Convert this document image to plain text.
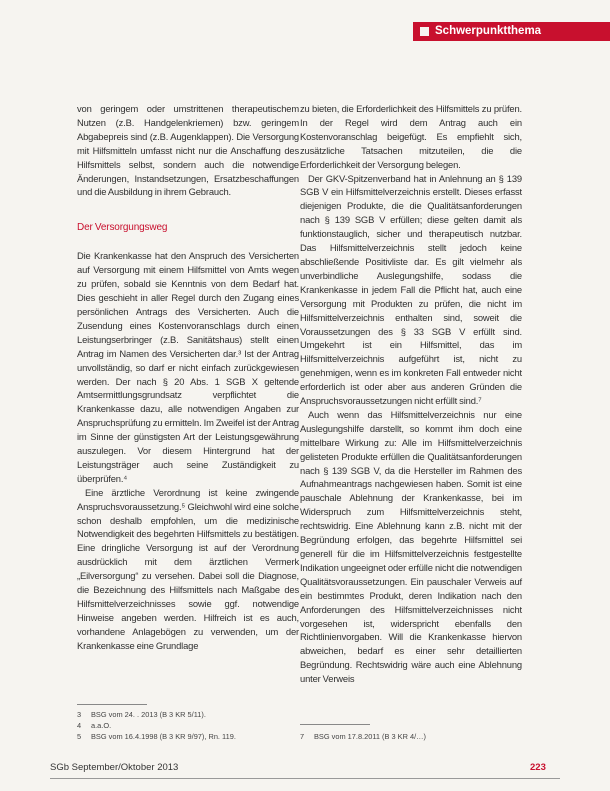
Schwerpunktthema

von geringem oder umstrittenen therapeutischem Nutzen (z.B. Handgelenkriemen) bzw. geringem Abgabepreis sind (z.B. Augenklappen). Die Versorgung mit Hilfsmitteln umfasst nicht nur die Anschaffung des Hilfsmittels selbst, sondern auch die notwendige Änderungen, Instandsetzungen, Ersatzbeschaffungen und die Ausbildung in ihrem Gebrauch.

Der Versorgungsweg

Die Krankenkasse hat den Anspruch des Versicherten auf Versorgung mit einem Hilfsmittel von Amts wegen zu prüfen, sobald sie Kenntnis von dem Bedarf hat. Dies geschieht in aller Regel durch den Zugang eines persönlichen Antrags des Versicherten. Auch die Zusendung eines Kostenvoranschlags durch einen Leistungserbringer (z.B. Sanitätshaus) stellt einen Antrag im Namen des Versicherten dar.³ Ist der Antrag unvollständig, so darf er nicht einfach zurückgewiesen werden. Der nach § 20 Abs. 1 SGB X geltende Amtsermittlungsgrundsatz verpflichtet die Krankenkasse dazu, alle notwendigen Angaben zur Anspruchsprüfung zu ermitteln. Im Zweifel ist der Antrag im Sinne der günstigsten Art der Leistungsgewährung auszulegen. Vor diesem Hintergrund hat der Leistungsträger auch seine Zuständigkeit zu überprüfen.⁴

Eine ärztliche Verordnung ist keine zwingende Anspruchsvoraussetzung.⁵ Gleichwohl wird eine solche schon deshalb empfohlen, um die medizinische Notwendigkeit des begehrten Hilfsmittels zu bestätigen. Eine dringliche Versorgung ist auf der Verordnung ausdrücklich mit dem ärztlichen Vermerk „Eilversorgung“ zu versehen. Dabei soll die Diagnose, die Bezeichnung des Hilfsmittels nach Maßgabe des Hilfsmittelverzeichnisses sowie ggf. notwendige Hinweise angeben werden. Hilfreich ist es auch, vorhandene Anlagebögen zu verwenden, um der Krankenkasse eine Grundlage

zu bieten, die Erforderlichkeit des Hilfsmittels zu prüfen. In der Regel wird dem Antrag auch ein Kostenvoranschlag beigefügt. Es empfiehlt sich, zusätzliche Tatsachen mitzuteilen, die die Erforderlichkeit der Versorgung belegen.

Der GKV-Spitzenverband hat in Anlehnung an § 139 SGB V ein Hilfsmittelverzeichnis erstellt. Dieses erfasst diejenigen Produkte, die die Qualitätsanforderungen nach § 139 SGB V erfüllen; diese gelten damit als funktionstauglich, sicher und therapeutisch nutzbar. Das Hilfsmittelverzeichnis stellt jedoch keine abschließende Positivliste dar. Es gilt vielmehr als unverbindliche Auslegungshilfe, sodass die Krankenkasse in jedem Fall die Pflicht hat, auch eine Versorgung mit Produkten zu prüfen, die nicht im Hilfsmittelverzeichnis enthalten sind, soweit die Voraussetzungen des § 33 SGB V erfüllt sind. Umgekehrt ist ein Hilfsmittel, das im Hilfsmittelverzeichnis aufgeführt ist, nicht zu genehmigen, wenn es im konkreten Fall entweder nicht erforderlich ist oder aber aus anderen Gründen die Anspruchsvoraussetzungen nicht erfüllt sind.⁷

Auch wenn das Hilfsmittelverzeichnis nur eine Auslegungshilfe darstellt, so kommt ihm doch eine mittelbare Wirkung zu: Alle im Hilfsmittelverzeichnis gelisteten Produkte erfüllen die Qualitätsanforderungen nach § 139 SGB V, da die Hersteller im Rahmen des Aufnahmeantrags nachgewiesen haben. Somit ist eine pauschale Ablehnung der Krankenkasse, bei im Widerspruch zum Hilfsmittelverzeichnis steht, rechtswidrig. Eine Ablehnung kann z.B. nicht mit der Begründung erfolgen, das begehrte Hilfsmittel sei generell für die im Hilfsmittelverzeichnis festgestellte Indikation ungeeignet oder erfülle nicht die notwendigen Qualitätsvoraussetzungen. Ein pauschaler Verweis auf ein bestimmtes Produkt, deren Indikation nach den Anforderungen des Hilfsmittelverzeichnisses nicht vorgesehen ist, widerspricht ebenfalls den Richtlinienvorgaben. Will die Krankenkasse hiervon abweichen, bedarf es einer sehr detaillierten Begründung. Rechtswidrig wäre auch eine Ablehnung unter Verweis

3 BSG vom 24. . 2013 (B 3 KR 5/11).
4 a.a.O.
5 BSG vom 16.4.1998 (B 3 KR 9/97), Rn. 119.	7 BSG vom 17.8.2011 (B 3 KR 4/…)
SGb September/Oktober 2013	223
